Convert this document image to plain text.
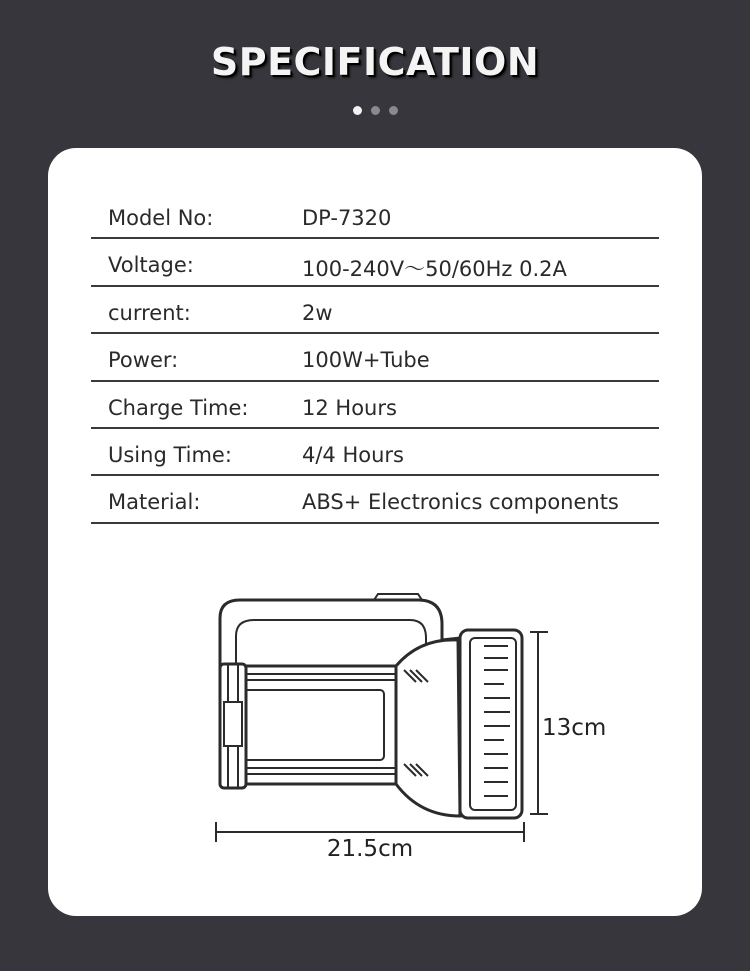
SPECIFICATION
Model No:	DP-7320
Voltage:	100-240V～50/60Hz 0.2A
current:	2w
Power:	100W+Tube
Charge Time:	12 Hours
Using Time:	4/4 Hours
Material:	ABS+ Electronics components
13cm
21.5cm
